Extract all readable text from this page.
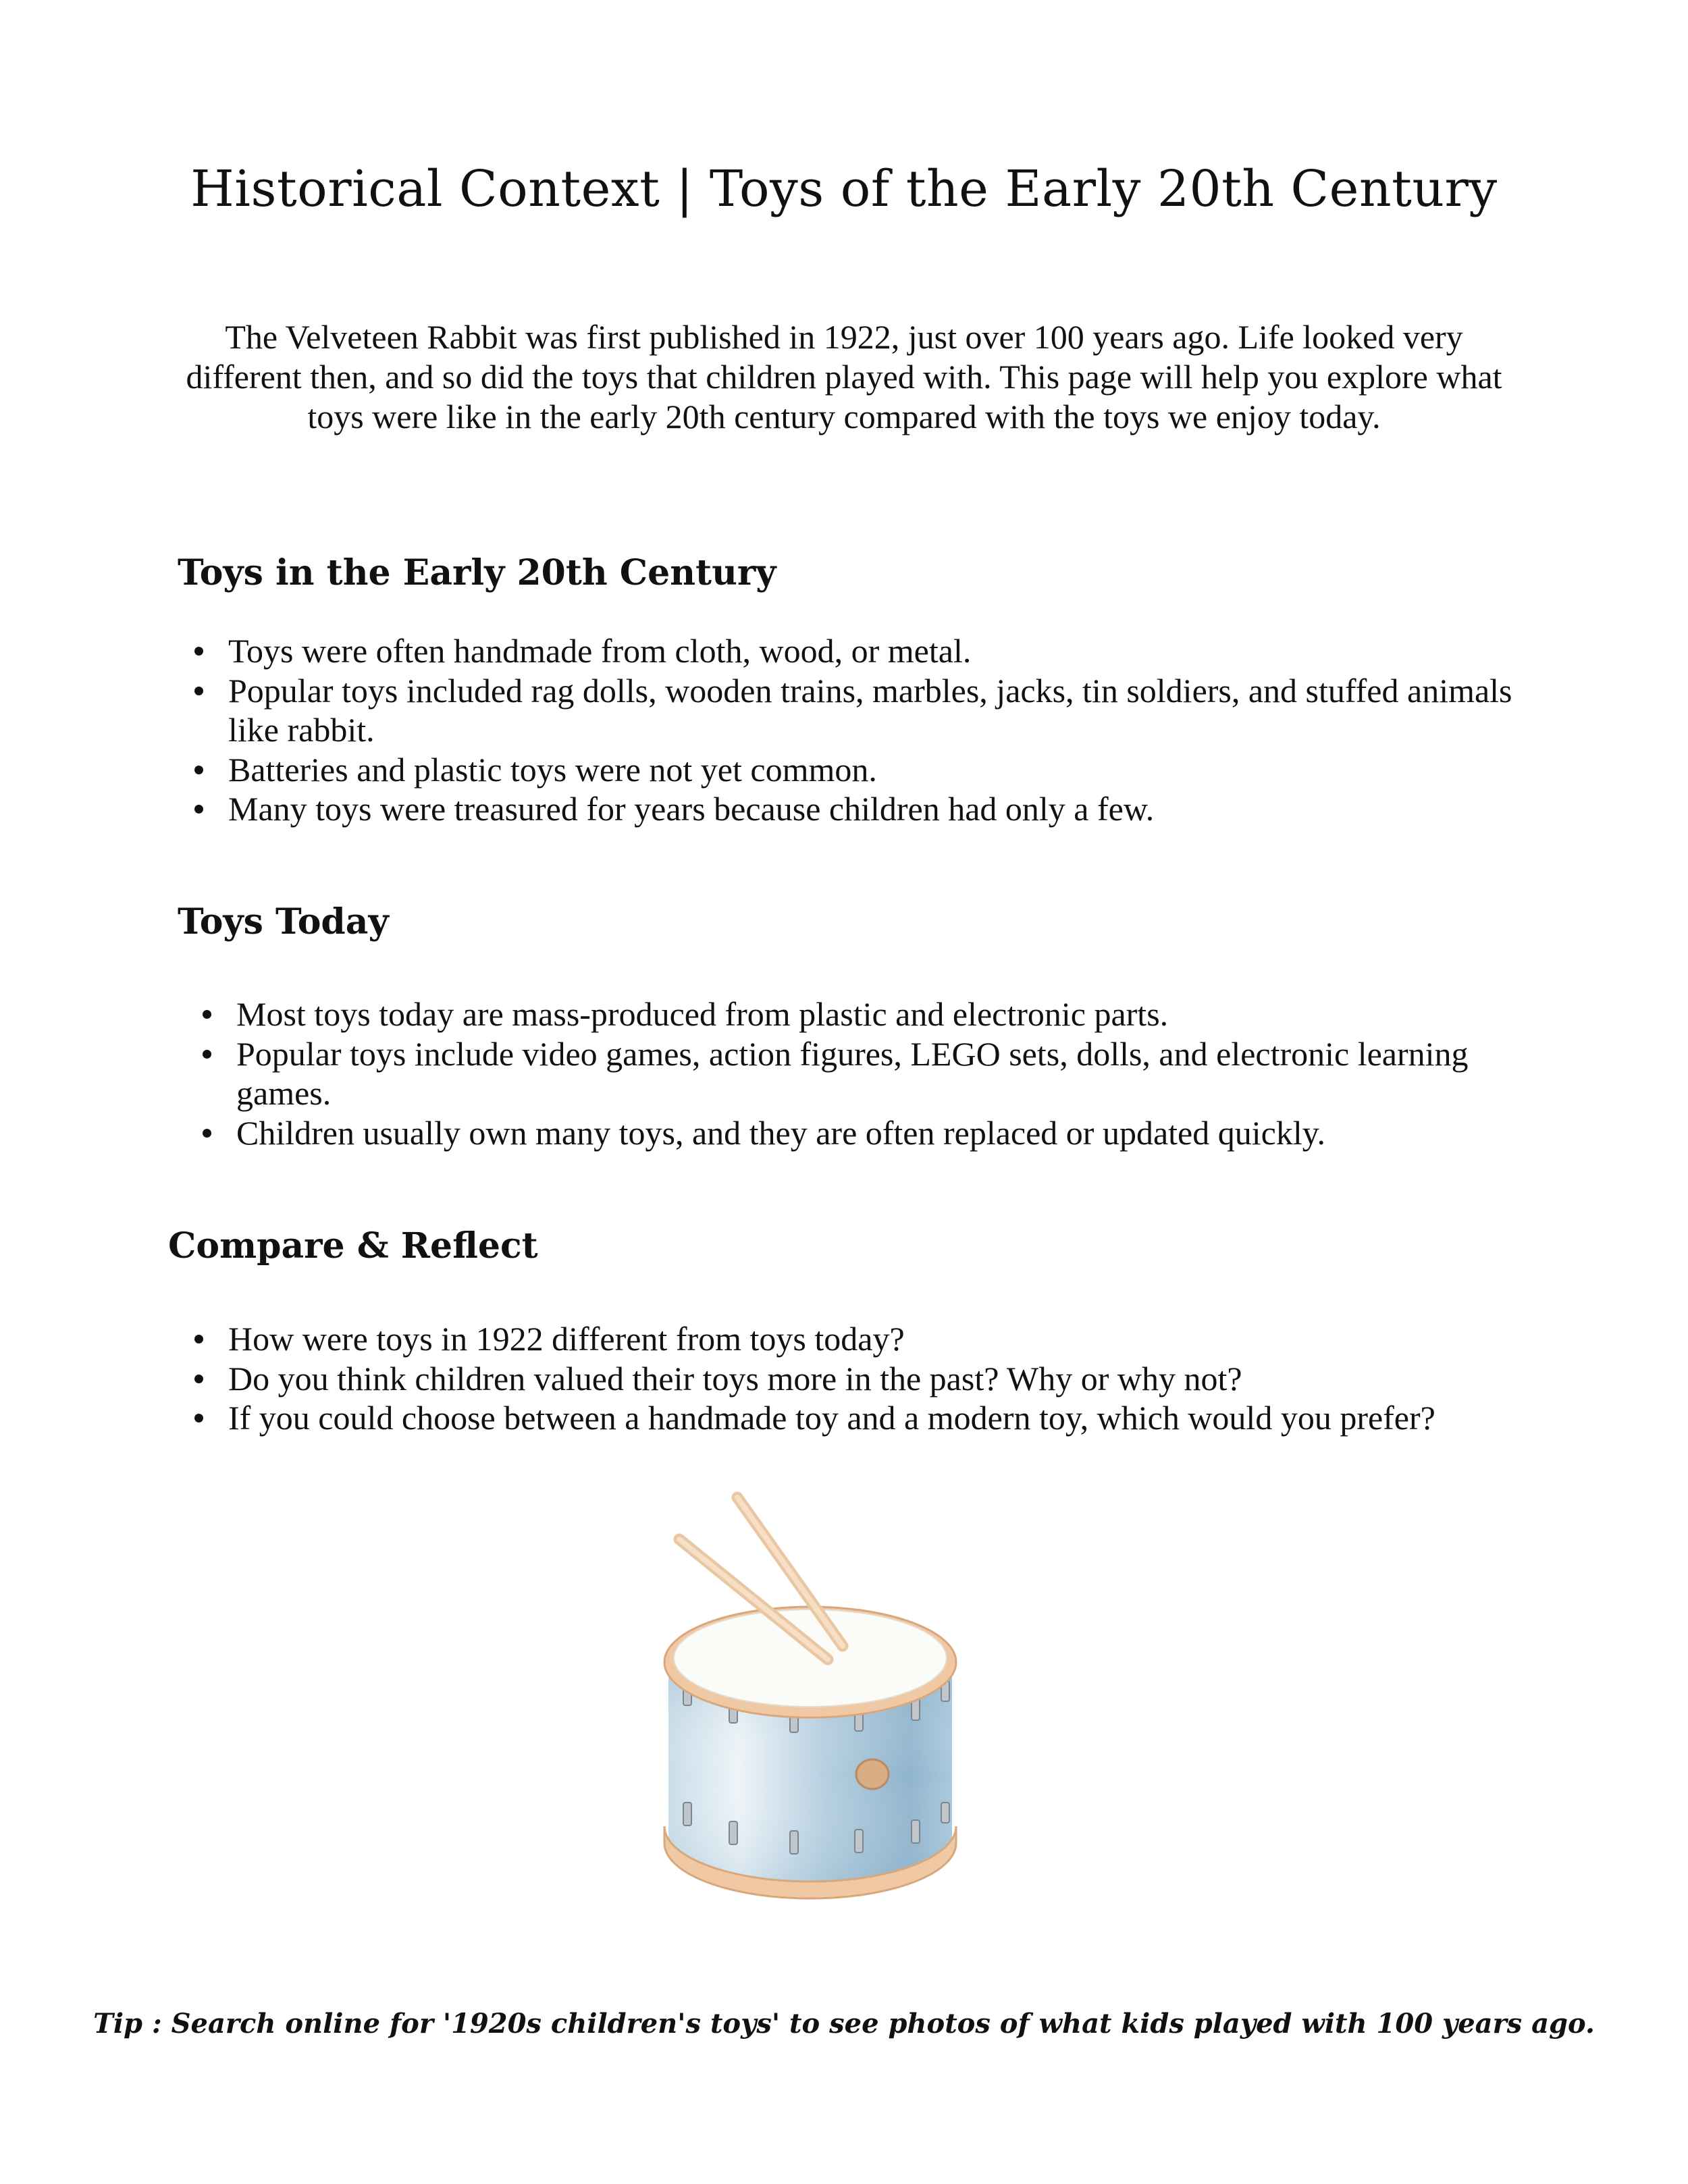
Historical Context | Toys of the Early 20th Century

The Velveteen Rabbit was first published in 1922, just over 100 years ago. Life looked very different then, and so did the toys that children played with. This page will help you explore what toys were like in the early 20th century compared with the toys we enjoy today.

Toys in the Early 20th Century
Toys were often handmade from cloth, wood, or metal.
Popular toys included rag dolls, wooden trains, marbles, jacks, tin soldiers, and stuffed animals like rabbit.
Batteries and plastic toys were not yet common.
Many toys were treasured for years because children had only a few.
Toys Today
Most toys today are mass-produced from plastic and electronic parts.
Popular toys include video games, action figures, LEGO sets, dolls, and electronic learning games.
Children usually own many toys, and they are often replaced or updated quickly.
Compare & Reflect
How were toys in 1922 different from toys today?
Do you think children valued their toys more in the past? Why or why not?
If you could choose between a handmade toy and a modern toy, which would you prefer?

Tip : Search online for '1920s children's toys' to see photos of what kids played with 100 years ago.
